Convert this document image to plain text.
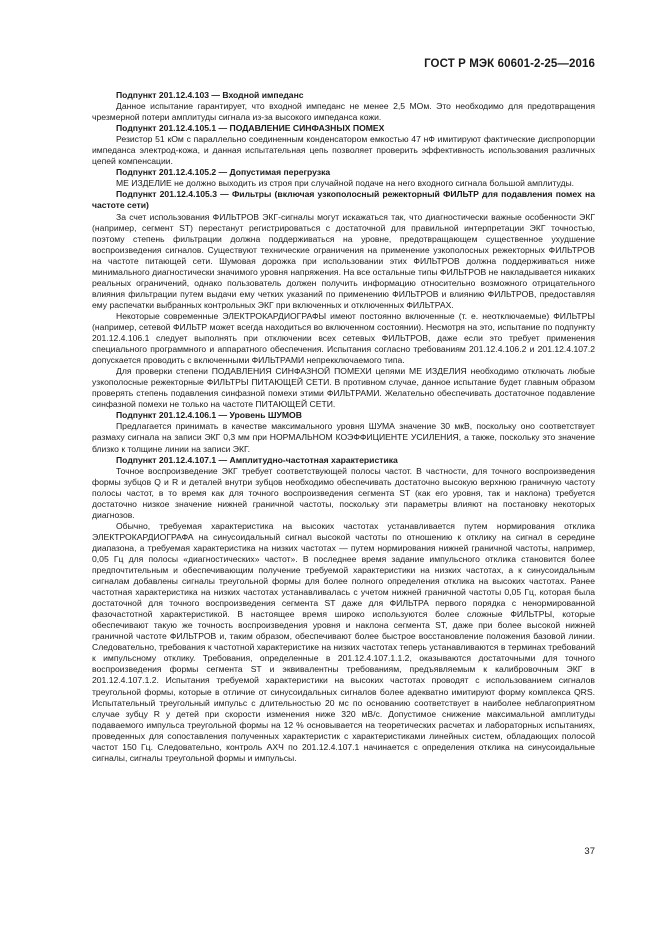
ГОСТ Р МЭК 60601-2-25—2016
Подпункт 201.12.4.103 — Входной импеданс

Данное испытание гарантирует, что входной импеданс не менее 2,5 МОм. Это необходимо для предотвращения чрезмерной потери амплитуды сигнала из-за высокого импеданса кожи.

Подпункт 201.12.4.105.1 — ПОДАВЛЕНИЕ СИНФАЗНЫХ ПОМЕХ

Резистор 51 кОм с параллельно соединенным конденсатором емкостью 47 нФ имитируют фактические диспропорции импеданса электрод-кожа, и данная испытательная цепь позволяет проверить эффективность использования различных цепей компенсации.

Подпункт 201.12.4.105.2 — Допустимая перегрузка

МЕ ИЗДЕЛИЕ не должно выходить из строя при случайной подаче на него входного сигнала большой амплитуды.

Подпункт 201.12.4.105.3 — Фильтры (включая узкополосный режекторный ФИЛЬТР для подавления помех на частоте сети)

За счет использования ФИЛЬТРОВ ЭКГ-сигналы могут искажаться так, что диагностически важные особенности ЭКГ (например, сегмент ST) перестанут регистрироваться с достаточной для правильной интерпретации ЭКГ точностью, поэтому степень фильтрации должна поддерживаться на уровне, предотвращающем существенное ухудшение воспроизведения сигналов. Существуют технические ограничения на применение узкополосных режекторных ФИЛЬТРОВ на частоте питающей сети. Шумовая дорожка при использовании этих ФИЛЬТРОВ должна поддерживаться ниже минимального диагностически значимого уровня напряжения. На все остальные типы ФИЛЬТРОВ не накладывается никаких реальных ограничений, однако пользователь должен получить информацию относительно возможного отрицательного влияния фильтрации путем выдачи ему четких указаний по применению ФИЛЬТРОВ и влиянию ФИЛЬТРОВ, предоставляя ему распечатки выбранных контрольных ЭКГ при включенных и отключенных ФИЛЬТРАХ.

Некоторые современные ЭЛЕКТРОКАРДИОГРАФЫ имеют постоянно включенные (т. е. неотключаемые) ФИЛЬТРЫ (например, сетевой ФИЛЬТР может всегда находиться во включенном состоянии). Несмотря на это, испытание по подпункту 201.12.4.106.1 следует выполнять при отключении всех сетевых ФИЛЬТРОВ, даже если это требует применения специального программного и аппаратного обеспечения. Испытания согласно требованиям 201.12.4.106.2 и 201.12.4.107.2 допускается проводить с включенными ФИЛЬТРАМИ непрекключаемого типа.

Для проверки степени ПОДАВЛЕНИЯ СИНФАЗНОЙ ПОМЕХИ цепями МЕ ИЗДЕЛИЯ необходимо отключать любые узкополосные режекторные ФИЛЬТРЫ ПИТАЮЩЕЙ СЕТИ. В противном случае, данное испытание будет главным образом проверять степень подавления синфазной помехи этими ФИЛЬТРАМИ. Желательно обеспечивать достаточное подавление синфазной помехи не только на частоте ПИТАЮЩЕЙ СЕТИ.

Подпункт 201.12.4.106.1 — Уровень ШУМОВ

Предлагается принимать в качестве максимального уровня ШУМА значение 30 мкВ, поскольку оно соответствует размаху сигнала на записи ЭКГ 0,3 мм при НОРМАЛЬНОМ КОЭФФИЦИЕНТЕ УСИЛЕНИЯ, а также, поскольку это значение близко к толщине линии на записи ЭКГ.

Подпункт 201.12.4.107.1 — Амплитудно-частотная характеристика

Точное воспроизведение ЭКГ требует соответствующей полосы частот. В частности, для точного воспроизведения формы зубцов Q и R и деталей внутри зубцов необходимо обеспечивать достаточно высокую верхнюю граничную частоту полосы частот, в то время как для точного воспроизведения сегмента ST (как его уровня, так и наклона) требуется достаточно низкое значение нижней граничной частоты, поскольку эти параметры влияют на постановку некоторых диагнозов.

Обычно, требуемая характеристика на высоких частотах устанавливается путем нормирования отклика ЭЛЕКТРОКАРДИОГРАФА на синусоидальный сигнал высокой частоты по отношению к отклику на сигнал в середине диапазона, а требуемая характеристика на низких частотах — путем нормирования нижней граничной частоты, например, 0,05 Гц для полосы «диагностических» частот». В последнее время задание импульсного отклика становится более предпочтительным и обеспечивающим получение требуемой характеристики на низких частотах, а к синусоидальным сигналам добавлены сигналы треугольной формы для более полного определения отклика на высоких частотах. Ранее частотная характеристика на низких частотах устанавливалась с учетом нижней граничной частоты 0,05 Гц, которая была достаточной для точного воспроизведения сегмента ST даже для ФИЛЬТРА первого порядка с ненормированной фазочастотной характеристикой. В настоящее время широко используются более сложные ФИЛЬТРЫ, которые обеспечивают такую же точность воспроизведения уровня и наклона сегмента ST, даже при более высокой нижней граничной частоте ФИЛЬТРОВ и, таким образом, обеспечивают более быстрое восстановление положения базовой линии. Следовательно, требования к частотной характеристике на низких частотах теперь устанавливаются в терминах требований к импульсному отклику. Требования, определенные в 201.12.4.107.1.1.2, оказываются достаточными для точного воспроизведения формы сегмента ST и эквивалентны требованиям, предъявляемым к калибровочным ЭКГ в 201.12.4.107.1.2. Испытания требуемой характеристики на высоких частотах проводят с использованием сигналов треугольной формы, которые в отличие от синусоидальных сигналов более адекватно имитируют форму комплекса QRS. Испытательный треугольный импульс с длительностью 20 мс по основанию соответствует в наиболее неблагоприятном случае зубцу R у детей при скорости изменения ниже 320 мВ/с. Допустимое снижение максимальной амплитуды подаваемого импульса треугольной формы на 12 % основывается на теоретических расчетах и лабораторных испытаниях, проведенных для сопоставления полученных характеристик с характеристиками линейных систем, обладающих полосой частот 150 Гц. Следовательно, контроль АХЧ по 201.12.4.107.1 начинается с определения отклика на синусоидальные сигналы, сигналы треугольной формы и импульсы.

37
